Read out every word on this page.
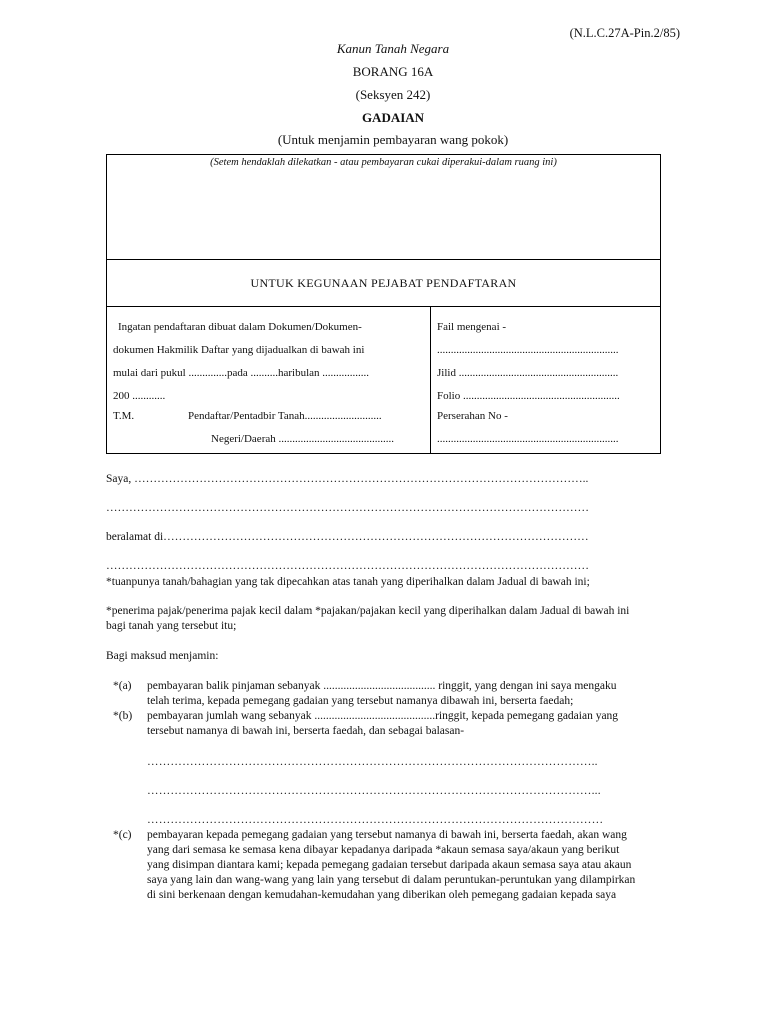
(N.L.C.27A-Pin.2/85)
Kanun Tanah Negara
BORANG 16A
(Seksyen 242)
GADAIAN
(Untuk menjamin pembayaran wang pokok)
(Setem hendaklah dilekatkan - atau pembayaran cukai diperakui-dalam ruang ini)
UNTUK KEGUNAAN PEJABAT PENDAFTARAN
Ingatan pendaftaran dibuat dalam Dokumen/Dokumen-
dokumen Hakmilik Daftar yang dijadualkan di bawah ini
mulai dari pukul ..............pada ..........haribulan .................
200 ............
T.M.	Pendaftar/Pentadbir Tanah............................
Negeri/Daerah ..........................................
Fail mengenai -
..................................................................
Jilid ..........................................................
Folio .........................................................
Perserahan No -
..................................................................
Saya, ………………………………………………………………………………………………………..
………………………………………………………………………………………………………………
beralamat di…………………………………………………………………………………………………
………………………………………………………………………………………………………………
*tuanpunya tanah/bahagian yang tak dipecahkan atas tanah yang diperihalkan dalam Jadual di bawah ini;
*penerima pajak/penerima pajak kecil dalam *pajakan/pajakan kecil yang diperihalkan dalam Jadual di bawah ini
bagi tanah yang tersebut itu;
Bagi maksud menjamin:
*(a) pembayaran balik pinjaman sebanyak ....................................... ringgit, yang dengan ini saya mengaku
telah terima, kepada pemegang gadaian yang tersebut namanya dibawah ini, berserta faedah;
*(b) pembayaran jumlah wang sebanyak ..........................................ringgit, kepada pemegang gadaian yang
tersebut namanya di bawah ini, berserta faedah, dan sebagai balasan-
……………………………………………………………………………………………………..
……………………………………………………………………………………………………...
………………………………………………………………………………………………………
*(c) pembayaran kepada pemegang gadaian yang tersebut namanya di bawah ini, berserta faedah, akan wang
yang dari semasa ke semasa kena dibayar kepadanya daripada *akaun semasa saya/akaun yang berikut
yang disimpan diantara kami; kepada pemegang gadaian tersebut daripada akaun semasa saya atau akaun
saya yang lain dan wang-wang yang lain yang tersebut di dalam peruntukan-peruntukan yang dilampirkan
di sini berkenaan dengan kemudahan-kemudahan yang diberikan oleh pemegang gadaian kepada saya
